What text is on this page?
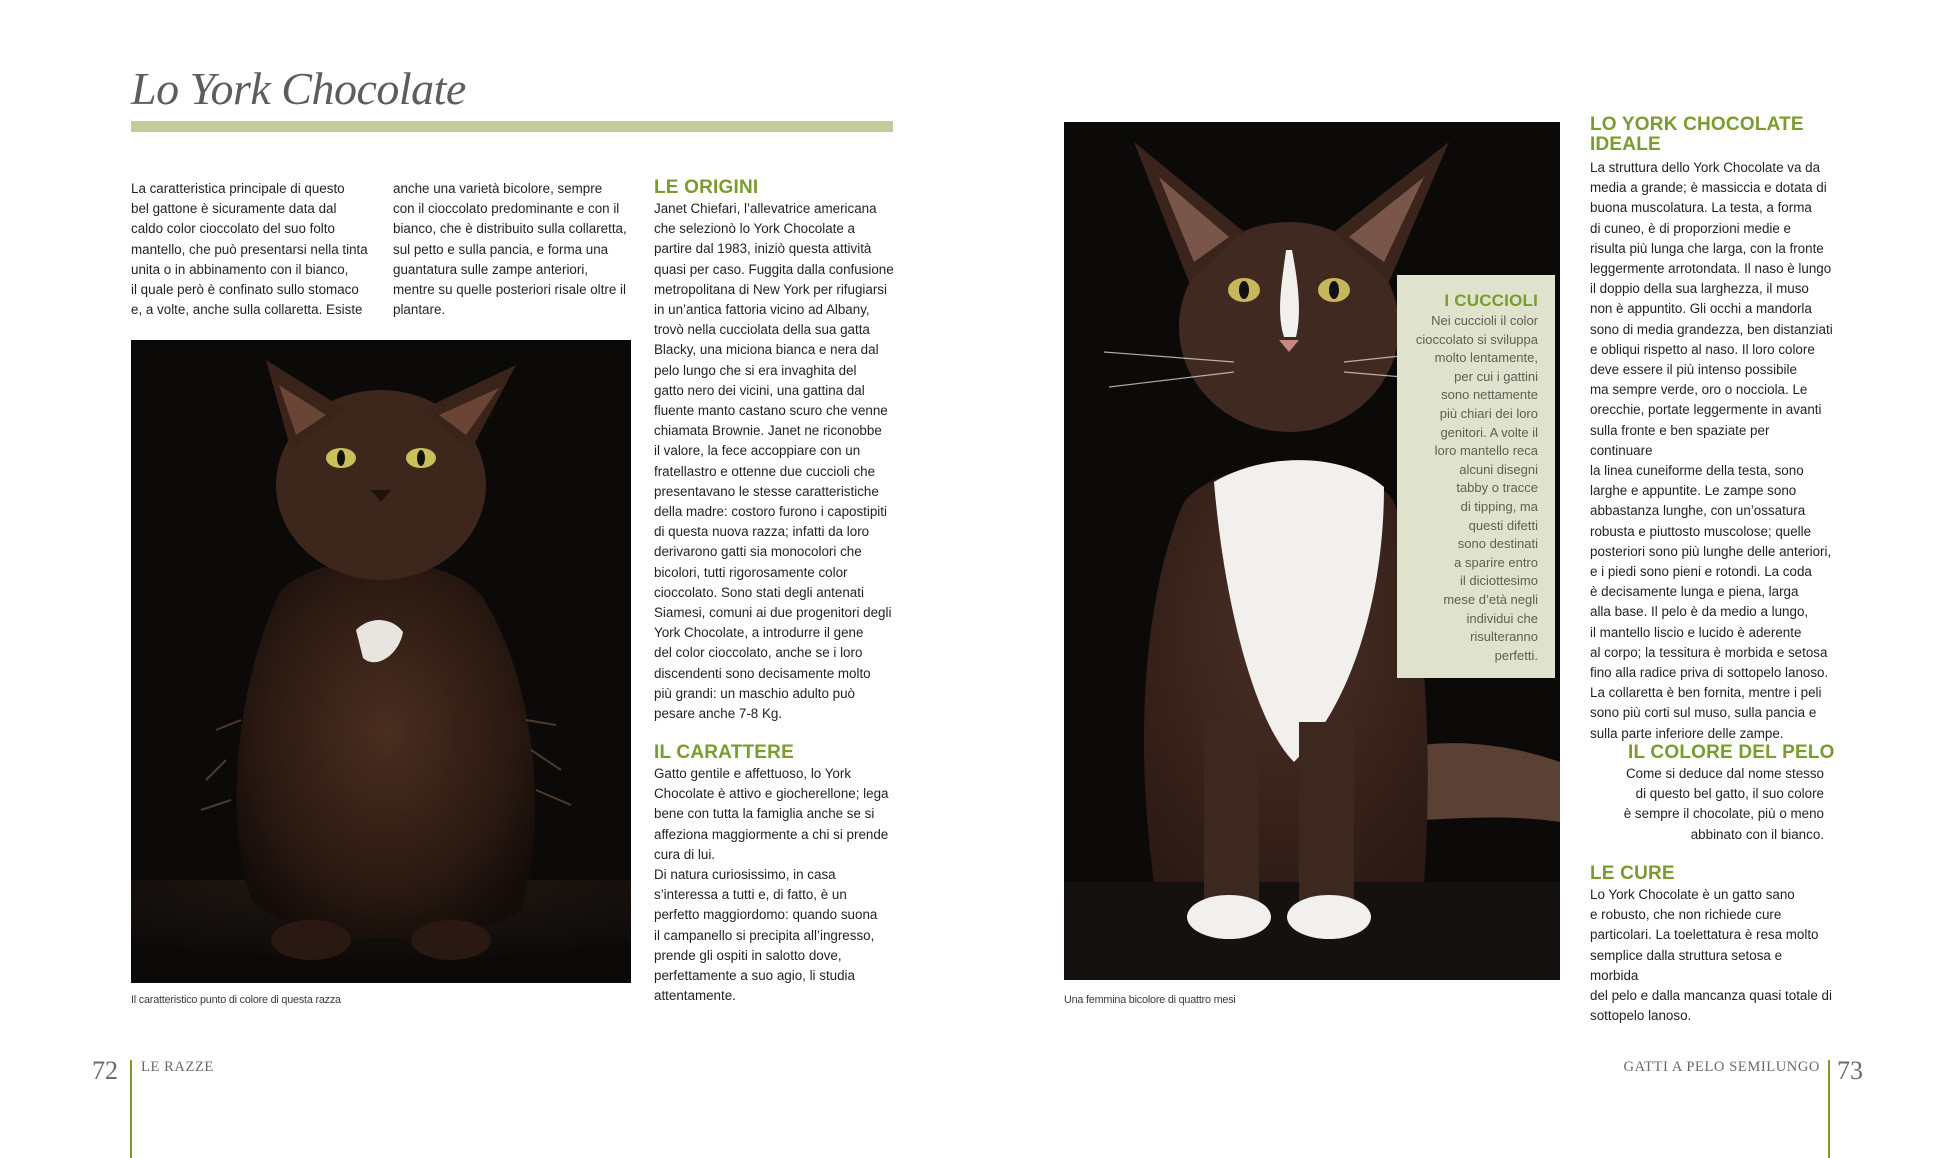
Lo York Chocolate

La caratteristica principale di questo
bel gattone è sicuramente data dal
caldo color cioccolato del suo folto
mantello, che può presentarsi nella tinta
unita o in abbinamento con il bianco,
il quale però è confinato sullo stomaco
e, a volte, anche sulla collaretta. Esiste

anche una varietà bicolore, sempre
con il cioccolato predominante e con il
bianco, che è distribuito sulla collaretta,
sul petto e sulla pancia, e forma una
guantatura sulle zampe anteriori,
mentre su quelle posteriori risale oltre il
plantare.

Il caratteristico punto di colore di questa razza

LE ORIGINI

Janet Chiefari, l’allevatrice americana
che selezionò lo York Chocolate a
partire dal 1983, iniziò questa attività
quasi per caso. Fuggita dalla confusione
metropolitana di New York per rifugiarsi
in un’antica fattoria vicino ad Albany,
trovò nella cucciolata della sua gatta
Blacky, una miciona bianca e nera dal
pelo lungo che si era invaghita del
gatto nero dei vicini, una gattina dal
fluente manto castano scuro che venne
chiamata Brownie. Janet ne riconobbe
il valore, la fece accoppiare con un
fratellastro e ottenne due cuccioli che
presentavano le stesse caratteristiche
della madre: costoro furono i capostipiti
di questa nuova razza; infatti da loro
derivarono gatti sia monocolori che
bicolori, tutti rigorosamente color
cioccolato. Sono stati degli antenati
Siamesi, comuni ai due progenitori degli
York Chocolate, a introdurre il gene
del color cioccolato, anche se i loro
discendenti sono decisamente molto
più grandi: un maschio adulto può
pesare anche 7-8 Kg.

IL CARATTERE

Gatto gentile e affettuoso, lo York
Chocolate è attivo e giocherellone; lega
bene con tutta la famiglia anche se si
affeziona maggiormente a chi si prende
cura di lui.
Di natura curiosissimo, in casa
s’interessa a tutti e, di fatto, è un
perfetto maggiordomo: quando suona
il campanello si precipita all’ingresso,
prende gli ospiti in salotto dove,
perfettamente a suo agio, li studia
attentamente.

72 LE RAZZE

Una femmina bicolore di quattro mesi

I CUCCIOLI

Nei cuccioli il color
cioccolato si sviluppa
molto lentamente,
per cui i gattini
sono nettamente
più chiari dei loro
genitori. A volte il
loro mantello reca
alcuni disegni
tabby o tracce
di tipping, ma
questi difetti
sono destinati
a sparire entro
il diciottesimo
mese d’età negli
individui che
risulteranno
perfetti.

LO YORK CHOCOLATE
IDEALE

La struttura dello York Chocolate va da
media a grande; è massiccia e dotata di
buona muscolatura. La testa, a forma
di cuneo, è di proporzioni medie e
risulta più lunga che larga, con la fronte
leggermente arrotondata. Il naso è lungo
il doppio della sua larghezza, il muso
non è appuntito. Gli occhi a mandorla
sono di media grandezza, ben distanziati
e obliqui rispetto al naso. Il loro colore
deve essere il più intenso possibile
ma sempre verde, oro o nocciola. Le
orecchie, portate leggermente in avanti
sulla fronte e ben spaziate per continuare
la linea cuneiforme della testa, sono
larghe e appuntite. Le zampe sono
abbastanza lunghe, con un’ossatura
robusta e piuttosto muscolose; quelle
posteriori sono più lunghe delle anteriori,
e i piedi sono pieni e rotondi. La coda
è decisamente lunga e piena, larga
alla base. Il pelo è da medio a lungo,
il mantello liscio e lucido è aderente
al corpo; la tessitura è morbida e setosa
fino alla radice priva di sottopelo lanoso.
La collaretta è ben fornita, mentre i peli
sono più corti sul muso, sulla pancia e
sulla parte inferiore delle zampe.

IL COLORE DEL PELO

Come si deduce dal nome stesso
di questo bel gatto, il suo colore
è sempre il chocolate, più o meno
abbinato con il bianco.

LE CURE

Lo York Chocolate è un gatto sano
e robusto, che non richiede cure
particolari. La toelettatura è resa molto
semplice dalla struttura setosa e morbida
del pelo e dalla mancanza quasi totale di
sottopelo lanoso.

GATTI A PELO SEMILUNGO 73
